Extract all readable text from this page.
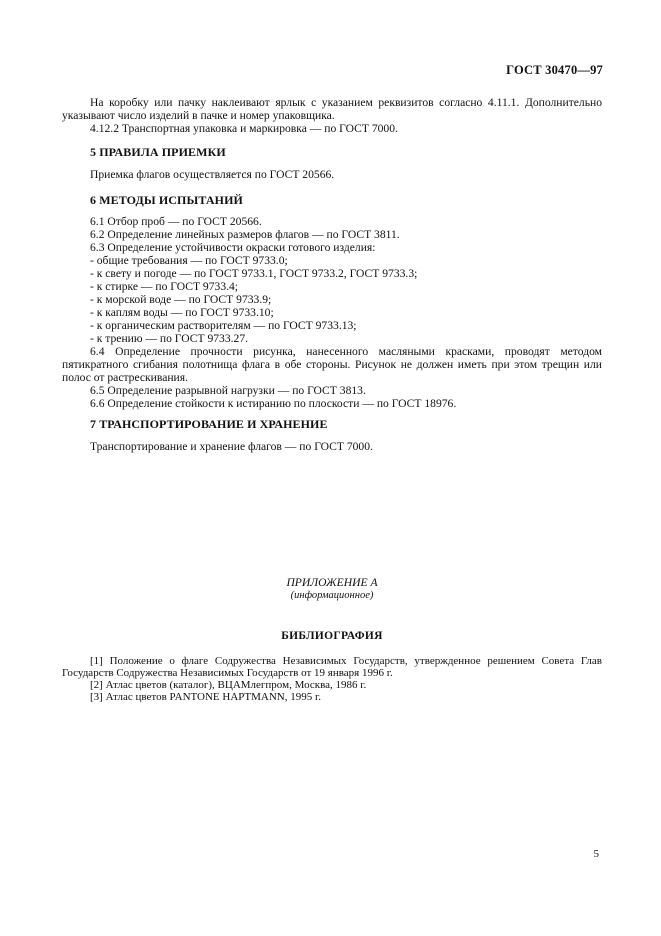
ГОСТ 30470—97

На коробку или пачку наклеивают ярлык с указанием реквизитов согласно 4.11.1. Дополнительно указывают число изделий в пачке и номер упаковщика.

4.12.2 Транспортная упаковка и маркировка — по ГОСТ 7000.

5 ПРАВИЛА ПРИЕМКИ

Приемка флагов осуществляется по ГОСТ 20566.

6 МЕТОДЫ ИСПЫТАНИЙ

6.1 Отбор проб — по ГОСТ 20566.

6.2 Определение линейных размеров флагов — по ГОСТ 3811.

6.3 Определение устойчивости окраски готового изделия:

- общие требования — по ГОСТ 9733.0;

- к свету и погоде — по ГОСТ 9733.1, ГОСТ 9733.2, ГОСТ 9733.3;

- к стирке — по ГОСТ 9733.4;

- к морской воде — по ГОСТ 9733.9;

- к каплям воды — по ГОСТ 9733.10;

- к органическим растворителям — по ГОСТ 9733.13;

- к трению — по ГОСТ 9733.27.

6.4 Определение прочности рисунка, нанесенного масляными красками, проводят методом пятикратного сгибания полотнища флага в обе стороны. Рисунок не должен иметь при этом трещин или полос от растрескивания.

6.5 Определение разрывной нагрузки — по ГОСТ 3813.

6.6 Определение стойкости к истиранию по плоскости — по ГОСТ 18976.

7 ТРАНСПОРТИРОВАНИЕ И ХРАНЕНИЕ

Транспортирование и хранение флагов — по ГОСТ 7000.

ПРИЛОЖЕНИЕ А

(информационное)

БИБЛИОГРАФИЯ

[1] Положение о флаге Содружества Независимых Государств, утвержденное решением Совета Глав Государств Содружества Независимых Государств от 19 января 1996 г.

[2] Атлас цветов (каталог), ВЦАМлегпром, Москва, 1986 г.

[3] Атлас цветов PANTONE HAPTMANN, 1995 г.

5
